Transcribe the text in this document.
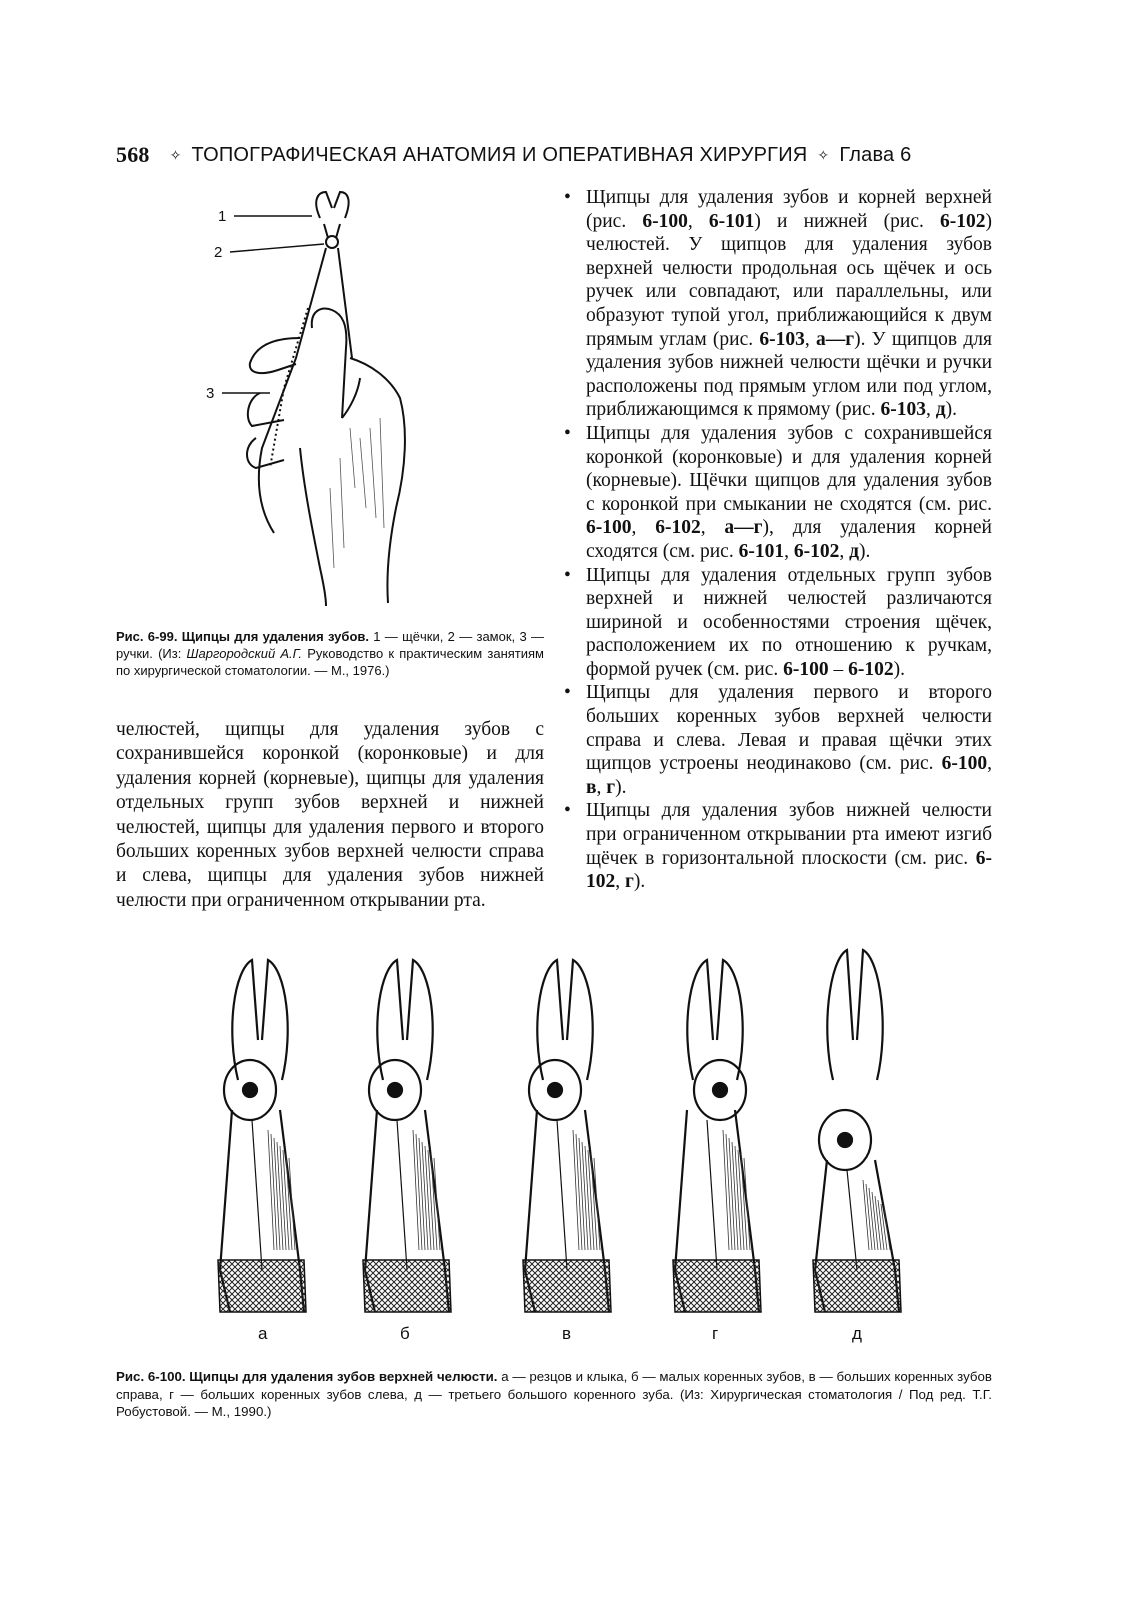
568 ✧ ТОПОГРАФИЧЕСКАЯ АНАТОМИЯ И ОПЕРАТИВНАЯ ХИРУРГИЯ ✧ Глава 6
1
2
3
Рис. 6-99. Щипцы для удаления зубов. 1 — щёчки, 2 — замок, 3 — ручки. (Из: Шаргородский А.Г. Руководство к практическим занятиям по хирургической стоматологии. — М., 1976.)
челюстей, щипцы для удаления зубов с сохранившейся коронкой (коронковые) и для удаления корней (корневые), щипцы для удаления отдельных групп зубов верхней и нижней челюстей, щипцы для удаления первого и второго больших коренных зубов верхней челюсти справа и слева, щипцы для удаления зубов нижней челюсти при ограниченном открывании рта.
• Щипцы для удаления зубов и корней верхней (рис. 6-100, 6-101) и нижней (рис. 6-102) челюстей. У щипцов для удаления зубов верхней челюсти продольная ось щёчек и ось ручек или совпадают, или параллельны, или образуют тупой угол, приближающийся к двум прямым углам (рис. 6-103, а—г). У щипцов для удаления зубов нижней челюсти щёчки и ручки расположены под прямым углом или под углом, приближающимся к прямому (рис. 6-103, д).
• Щипцы для удаления зубов с сохранившейся коронкой (коронковые) и для удаления корней (корневые). Щёчки щипцов для удаления зубов с коронкой при смыкании не сходятся (см. рис. 6-100, 6-102, а—г), для удаления корней сходятся (см. рис. 6-101, 6-102, д).
• Щипцы для удаления отдельных групп зубов верхней и нижней челюстей различаются шириной и особенностями строения щёчек, расположением их по отношению к ручкам, формой ручек (см. рис. 6-100 – 6-102).
• Щипцы для удаления первого и второго больших коренных зубов верхней челюсти справа и слева. Левая и правая щёчки этих щипцов устроены неодинаково (см. рис. 6-100, в, г).
• Щипцы для удаления зубов нижней челюсти при ограниченном открывании рта имеют изгиб щёчек в горизонтальной плоскости (см. рис. 6-102, г).
а	б	в	г	д
Рис. 6-100. Щипцы для удаления зубов верхней челюсти. а — резцов и клыка, б — малых коренных зубов, в — больших коренных зубов справа, г — больших коренных зубов слева, д — третьего большого коренного зуба. (Из: Хирургическая стоматология / Под ред. Т.Г. Робустовой. — М., 1990.)
